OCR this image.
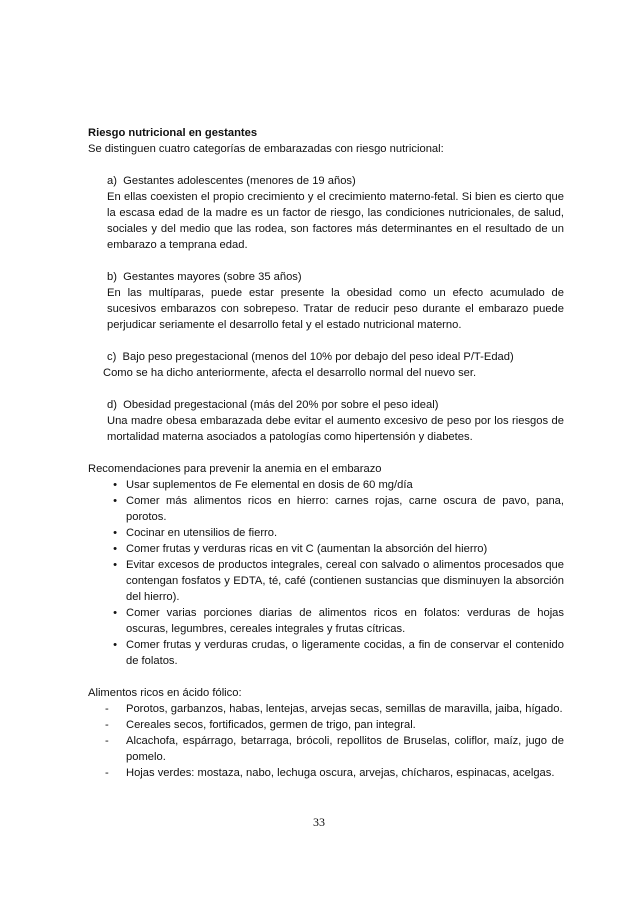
Riesgo nutricional en gestantes
Se distinguen cuatro categorías de embarazadas con riesgo nutricional:
a)  Gestantes adolescentes (menores de 19 años)
En ellas coexisten el propio crecimiento y el crecimiento materno-fetal. Si bien es cierto que la escasa edad de la madre es un factor de riesgo, las condiciones nutricionales, de salud, sociales y del medio que las rodea, son factores más determinantes en el resultado de un embarazo a temprana edad.
b)  Gestantes mayores (sobre 35 años)
En las multíparas, puede estar presente la obesidad como un efecto acumulado de sucesivos embarazos con sobrepeso. Tratar de reducir peso durante el embarazo puede perjudicar seriamente el desarrollo fetal y el estado nutricional materno.
c)  Bajo peso pregestacional (menos del 10% por debajo del peso ideal P/T-Edad)
Como se ha dicho anteriormente, afecta el desarrollo normal del nuevo ser.
d)  Obesidad pregestacional (más del 20% por sobre el peso ideal)
Una madre obesa embarazada debe evitar el aumento excesivo de peso por los riesgos de mortalidad materna asociados a patologías como hipertensión y diabetes.
Recomendaciones para prevenir la anemia en el embarazo
• Usar suplementos de Fe elemental en dosis de 60 mg/día
• Comer más alimentos ricos en hierro: carnes rojas, carne oscura de pavo, pana, porotos.
• Cocinar en utensilios de fierro.
• Comer frutas y verduras ricas en vit C (aumentan la absorción del hierro)
• Evitar excesos de productos integrales, cereal con salvado o alimentos procesados que contengan fosfatos y EDTA, té, café (contienen sustancias que disminuyen la absorción del hierro).
• Comer varias porciones diarias de alimentos ricos en folatos: verduras de hojas oscuras, legumbres, cereales integrales y frutas cítricas.
• Comer frutas y verduras crudas, o ligeramente cocidas, a fin de conservar el contenido de folatos.
Alimentos ricos en ácido fólico:
-	Porotos, garbanzos, habas, lentejas, arvejas secas, semillas de maravilla, jaiba, hígado.
-	Cereales secos, fortificados, germen de trigo, pan integral.
-	Alcachofa, espárrago, betarraga, brócoli, repollitos de Bruselas, coliflor, maíz, jugo de pomelo.
-	Hojas verdes: mostaza, nabo, lechuga oscura, arvejas, chícharos, espinacas, acelgas.
33
